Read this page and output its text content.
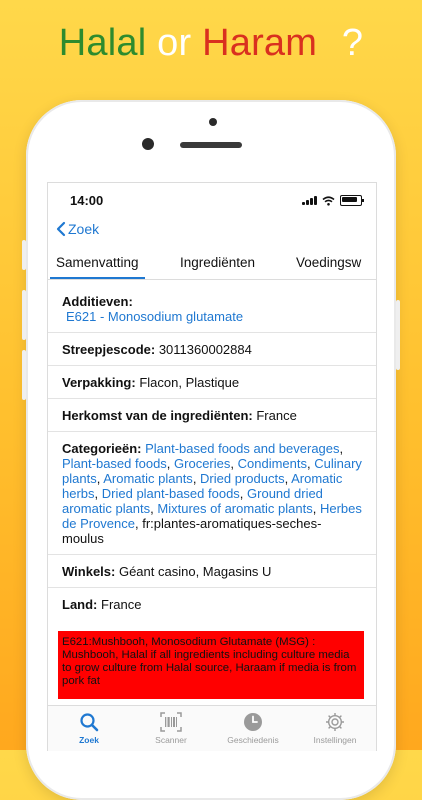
Halal or Haram ?
14:00
Zoek
Samenvatting	Ingrediënten	Voedingsw
Additieven:
E621 - Monosodium glutamate
Streepjescode: 3011360002884
Verpakking: Flacon, Plastique
Herkomst van de ingrediënten: France
Categorieën: Plant-based foods and beverages, Plant-based foods, Groceries, Condiments, Culinary plants, Aromatic plants, Dried products, Aromatic herbs, Dried plant-based foods, Ground dried aromatic plants, Mixtures of aromatic plants, Herbes de Provence, fr:plantes-aromatiques-seches-moulus
Winkels: Géant casino, Magasins U
Land: France
E621:Mushbooh, Monosodium Glutamate (MSG) : Mushbooh, Halal if all ingredients including culture media to grow culture from Halal source, Haraam if media is from pork fat
Zoek	Scanner	Geschiedenis	Instellingen
